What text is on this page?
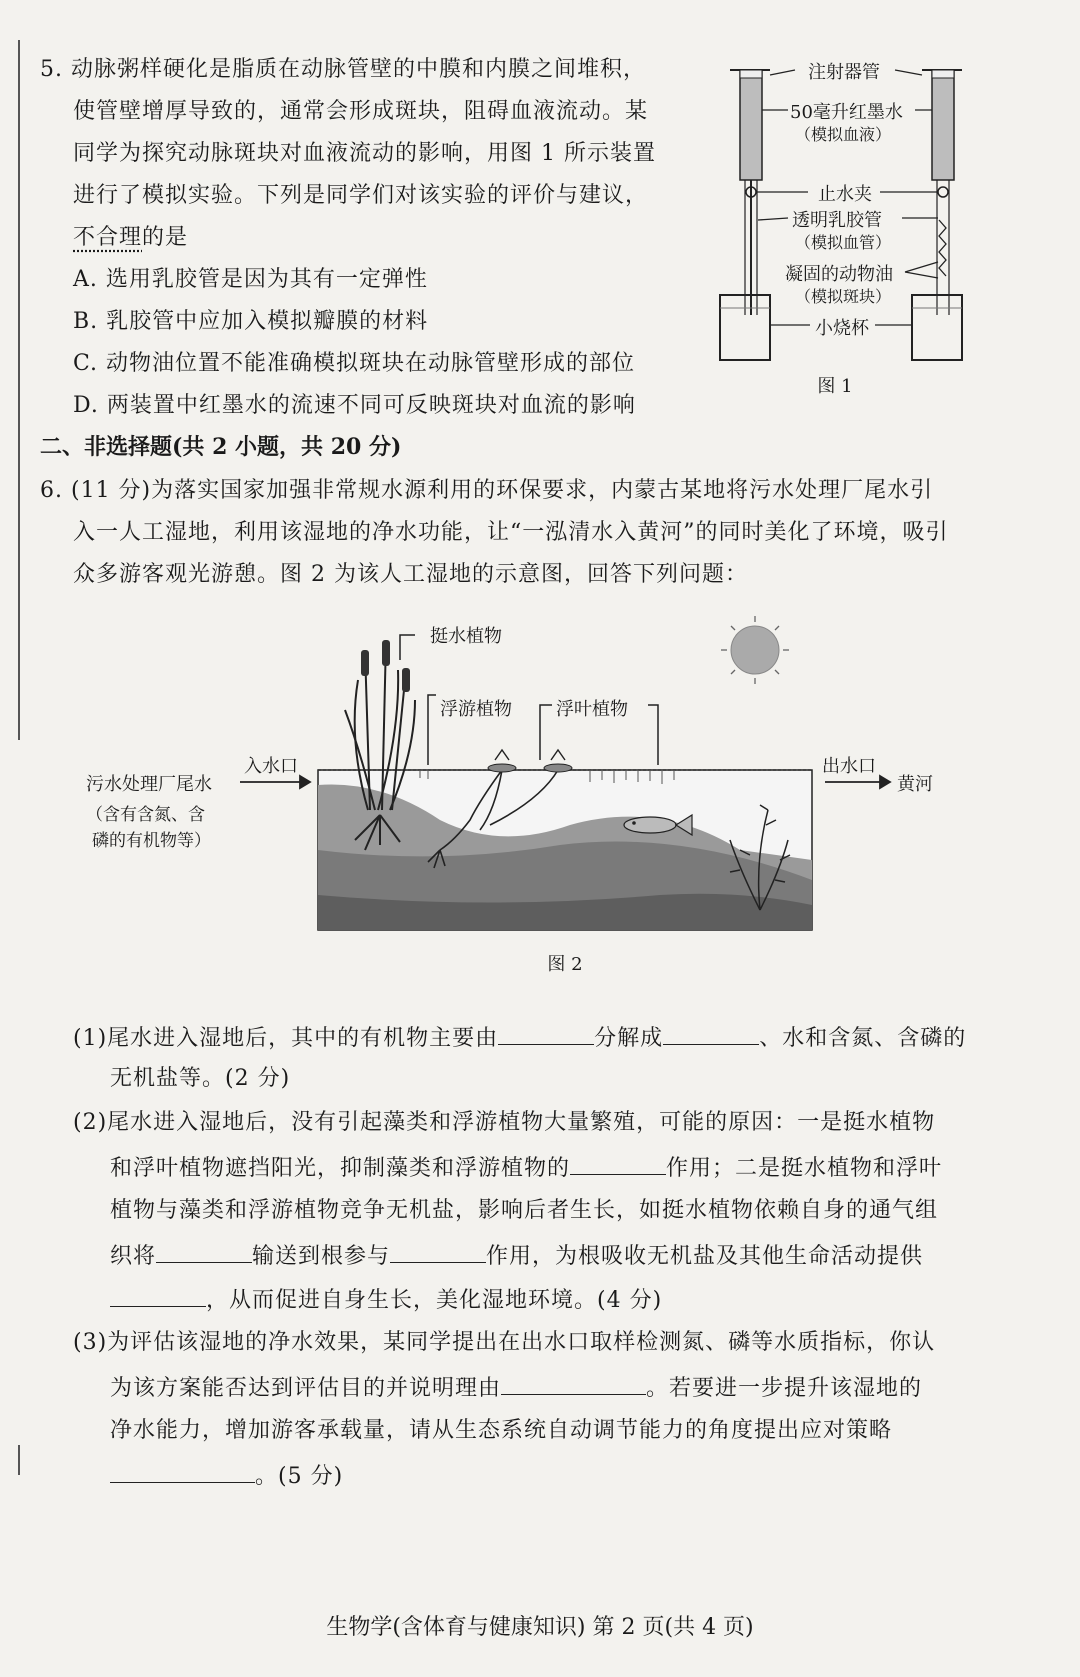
5. 动脉粥样硬化是脂质在动脉管壁的中膜和内膜之间堆积，
使管壁增厚导致的，通常会形成斑块，阻碍血液流动。某
同学为探究动脉斑块对血液流动的影响，用图 1 所示装置
进行了模拟实验。下列是同学们对该实验的评价与建议，
不合理的是
A. 选用乳胶管是因为其有一定弹性
B. 乳胶管中应加入模拟瓣膜的材料
C. 动物油位置不能准确模拟斑块在动脉管壁形成的部位
D. 两装置中红墨水的流速不同可反映斑块对血流的影响
注射器管
50毫升红墨水
（模拟血液）
止水夹
透明乳胶管
（模拟血管）
凝固的动物油
（模拟斑块）
小烧杯
图 1
二、非选择题(共 2 小题，共 20 分)
6. (11 分)为落实国家加强非常规水源利用的环保要求，内蒙古某地将污水处理厂尾水引
入一人工湿地，利用该湿地的净水功能，让“一泓清水入黄河”的同时美化了环境，吸引
众多游客观光游憩。图 2 为该人工湿地的示意图，回答下列问题：
挺水植物
浮游植物 浮叶植物
入水口	出水口
黄河
污水处理厂尾水
（含有含氮、含
磷的有机物等）
图 2
(1)尾水进入湿地后，其中的有机物主要由	分解成	、水和含氮、含磷的
无机盐等。(2 分)
(2)尾水进入湿地后，没有引起藻类和浮游植物大量繁殖，可能的原因：一是挺水植物
和浮叶植物遮挡阳光，抑制藻类和浮游植物的	作用；二是挺水植物和浮叶
植物与藻类和浮游植物竞争无机盐，影响后者生长，如挺水植物依赖自身的通气组
织将	输送到根参与	作用，为根吸收无机盐及其他生命活动提供
，从而促进自身生长，美化湿地环境。(4 分)
(3)为评估该湿地的净水效果，某同学提出在出水口取样检测氮、磷等水质指标，你认
为该方案能否达到评估目的并说明理由	。若要进一步提升该湿地的
净水能力，增加游客承载量，请从生态系统自动调节能力的角度提出应对策略
。(5 分)
生物学(含体育与健康知识) 第 2 页(共 4 页)
